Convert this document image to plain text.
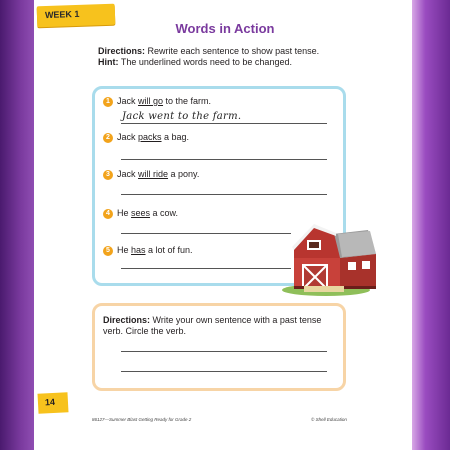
WEEK 1
Words in Action
Directions: Rewrite each sentence to show past tense.
Hint: The underlined words need to be changed.
1 Jack will go to the farm.
Jack went to the farm.
2 Jack packs a bag.
3 Jack will ride a pony.
4 He sees a cow.
5 He has a lot of fun.
Directions: Write your own sentence with a past tense verb. Circle the verb.
14
86127—Summer Blast Getting Ready for Grade 2	© Shell Education
